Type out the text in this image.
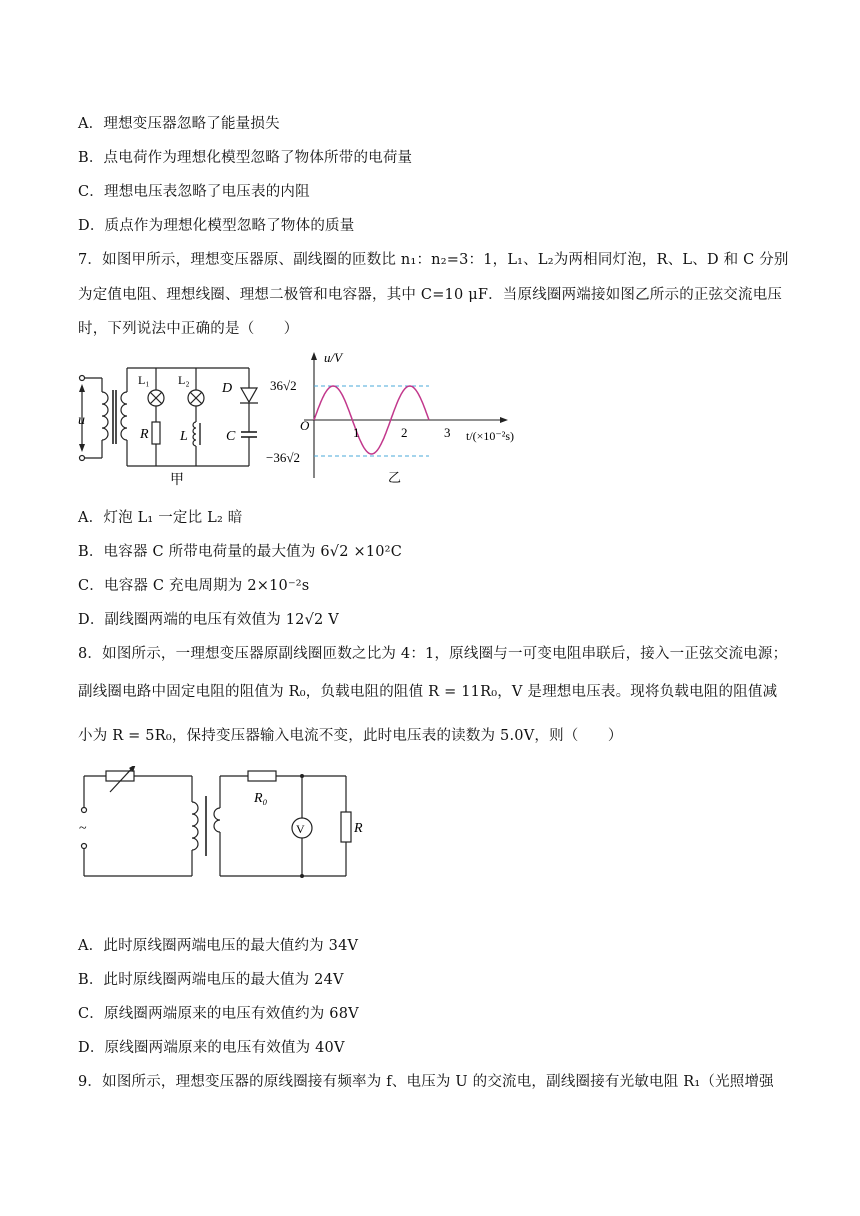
A．理想变压器忽略了能量损失
B．点电荷作为理想化模型忽略了物体所带的电荷量
C．理想电压表忽略了电压表的内阻
D．质点作为理想化模型忽略了物体的质量
7．如图甲所示，理想变压器原、副线圈的匝数比 n₁：n₂=3：1，L₁、L₂为两相同灯泡，R、L、D 和 C 分别
为定值电阻、理想线圈、理想二极管和电容器，其中 C=10 μF．当原线圈两端接如图乙所示的正弦交流电压
时，下列说法中正确的是（　　）
u
L₁ L₂
D
R L	C
甲
u/V
36√2
−36√2
O	1	2	3 t/(×10⁻²s)
乙
A．灯泡 L₁ 一定比 L₂ 暗
B．电容器 C 所带电荷量的最大值为 6√2 ×10²C
C．电容器 C 充电周期为 2×10⁻²s
D．副线圈两端的电压有效值为 12√2 V
8．如图所示，一理想变压器原副线圈匝数之比为 4：1，原线圈与一可变电阻串联后，接入一正弦交流电源；
副线圈电路中固定电阻的阻值为 R₀，负载电阻的阻值 R = 11R₀，V 是理想电压表。现将负载电阻的阻值减
小为 R = 5R₀，保持变压器输入电流不变，此时电压表的读数为 5.0V，则（　　）
~
R₀
V	R
A．此时原线圈两端电压的最大值约为 34V
B．此时原线圈两端电压的最大值为 24V
C．原线圈两端原来的电压有效值约为 68V
D．原线圈两端原来的电压有效值为 40V
9．如图所示，理想变压器的原线圈接有频率为 f、电压为 U 的交流电，副线圈接有光敏电阻 R₁（光照增强
